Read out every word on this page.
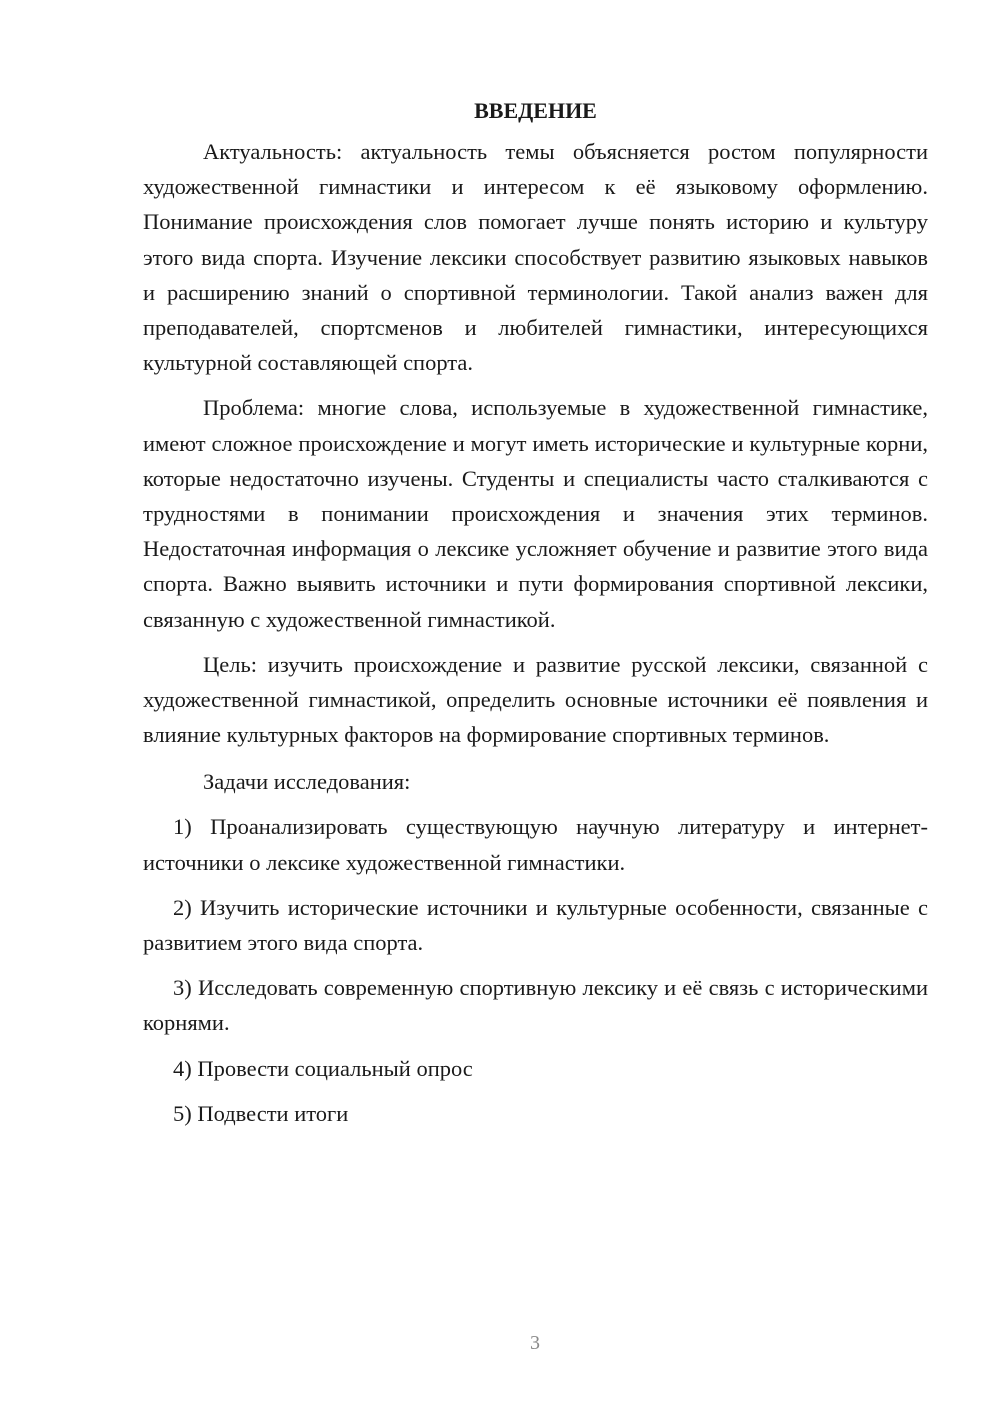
ВВЕДЕНИЕ

Актуальность: актуальность темы объясняется ростом популярности художественной гимнастики и интересом к её языковому оформлению. Понимание происхождения слов помогает лучше понять историю и культуру этого вида спорта. Изучение лексики способствует развитию языковых навыков и расширению знаний о спортивной терминологии. Такой анализ важен для преподавателей, спортсменов и любителей гимнастики, интересующихся культурной составляющей спорта.

Проблема: многие слова, используемые в художественной гимнастике, имеют сложное происхождение и могут иметь исторические и культурные корни, которые недостаточно изучены. Студенты и специалисты часто сталкиваются с трудностями в понимании происхождения и значения этих терминов. Недостаточная информация о лексике усложняет обучение и развитие этого вида спорта. Важно выявить источники и пути формирования спортивной лексики, связанную с художественной гимнастикой.

Цель: изучить происхождение и развитие русской лексики, связанной с художественной гимнастикой, определить основные источники её появления и влияние культурных факторов на формирование спортивных терминов.

Задачи исследования:

1) Проанализировать существующую научную литературу и интернет-источники о лексике художественной гимнастики.

2) Изучить исторические источники и культурные особенности, связанные с развитием этого вида спорта.

3) Исследовать современную спортивную лексику и её связь с историческими корнями.

4) Провести социальный опрос

5) Подвести итоги

3
